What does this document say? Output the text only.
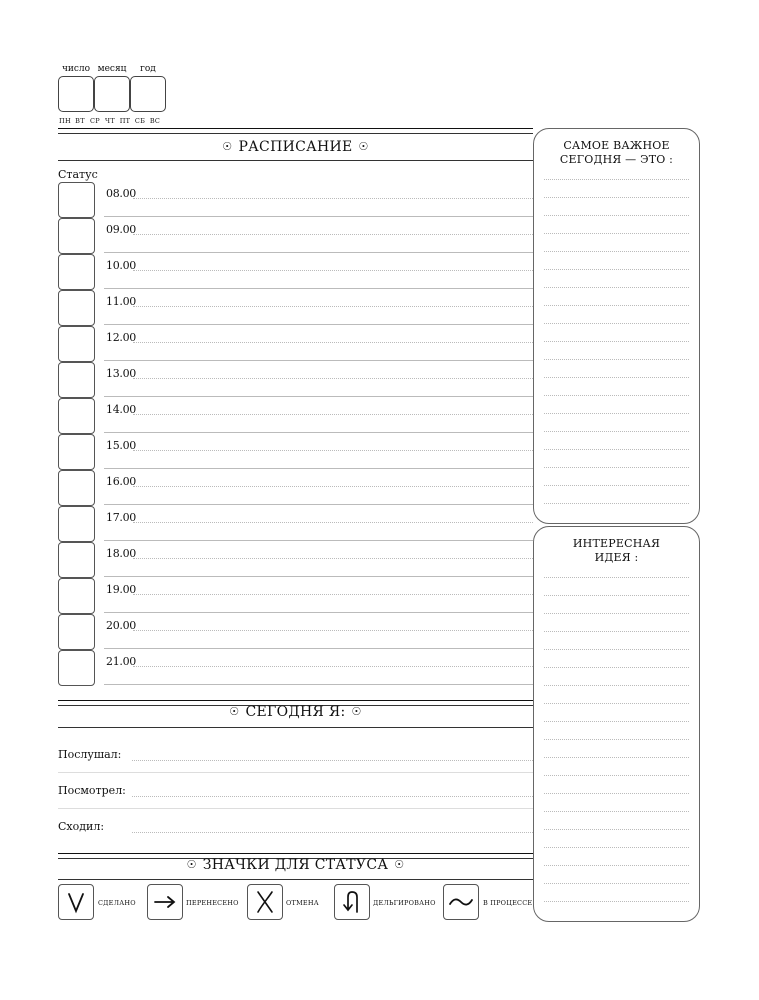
число месяц	год
ПН ВТ СР ЧТ ПТ СБ ВС
☉ РАСПИСАНИЕ ☉
Статус
08.00
09.00
10.00
11.00
12.00
13.00
14.00
15.00
16.00
17.00
18.00
19.00
20.00
21.00
☉ СЕГОДНЯ Я: ☉
Послушал:
Посмотрел:
Сходил:
☉ ЗНАЧКИ ДЛЯ СТАТУСА ☉
СДЕЛАНО	ПЕРЕНЕСЕНО	ОТМЕНА	ДЕЛЬГИРОВАНО	В ПРОЦЕССЕ
САМОЕ ВАЖНОЕ
СЕГОДНЯ — ЭТО :
ИНТЕРЕСНАЯ
ИДЕЯ :
